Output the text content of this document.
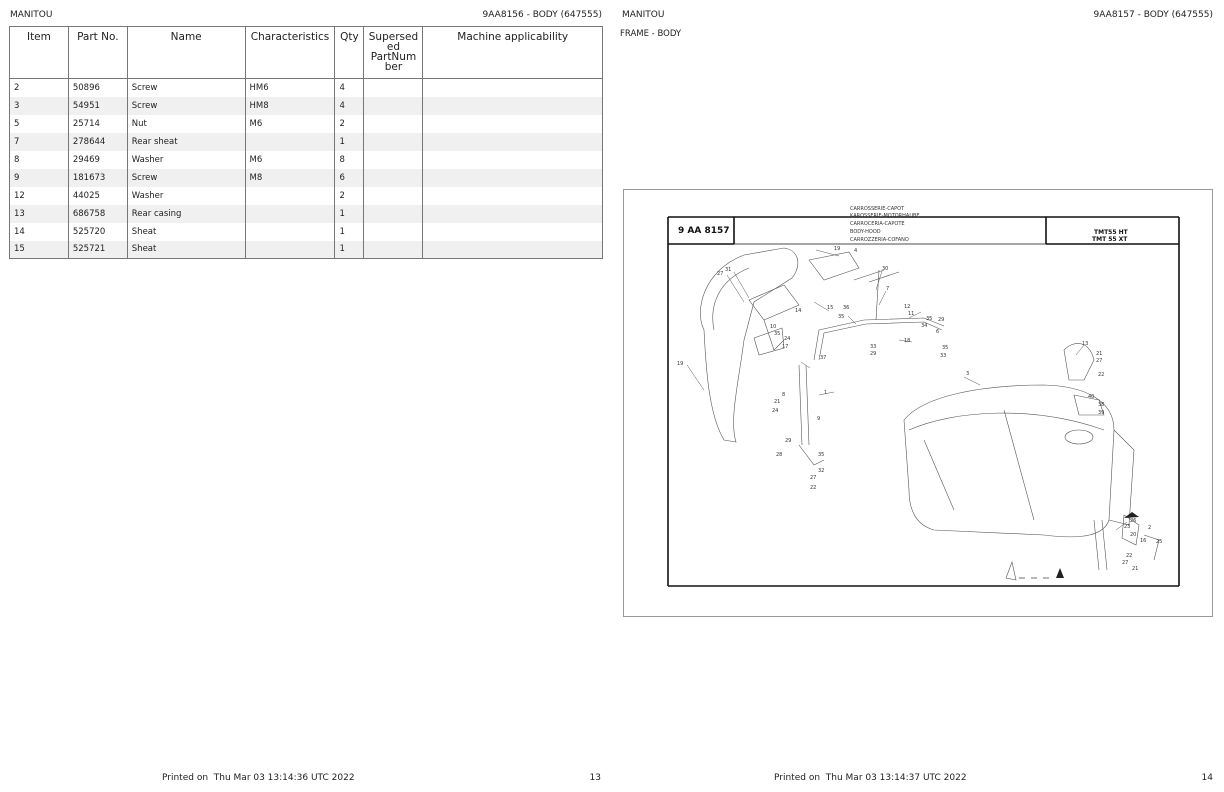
MANITOU	9AA8156 - BODY (647555)
Item	Part No.	Name	Characteristics	Qty	Supersed ed PartNum ber	Machine applicability
2	50896	Screw	HM6	4		
3	54951	Screw	HM8	4		
5	25714	Nut	M6	2		
7	278644	Rear sheat		1		
8	29469	Washer	M6	8		
9	181673	Screw	M8	6		
12	44025	Washer		2		
13	686758	Rear casing		1		
14	525720	Sheat		1		
15	525721	Sheat		1		
Printed on Thu Mar 03 13:14:36 UTC 2022	13
MANITOU	9AA8157 - BODY (647555)
FRAME - BODY
9 AA 8157
CARROSSERIE-CAPOT
KAROSSERIE-MOTORHAUBE
CARROCERIA-CAPOTE
BODY-HOOD
CARROZZERIA-COFANO
TMT55 HT
TMT 55 XT
27
31
19	4
30
7
15
14	36
35
12
11
35
34
29
6
18
35
33
33
29
10
35
24
17
37
19
1
8
21
24
9
29
28	35
32
27
22
3
13
21
27
22
40
38
39
26
2
23
20
16 25
22
27
21
Printed on Thu Mar 03 13:14:37 UTC 2022	14
